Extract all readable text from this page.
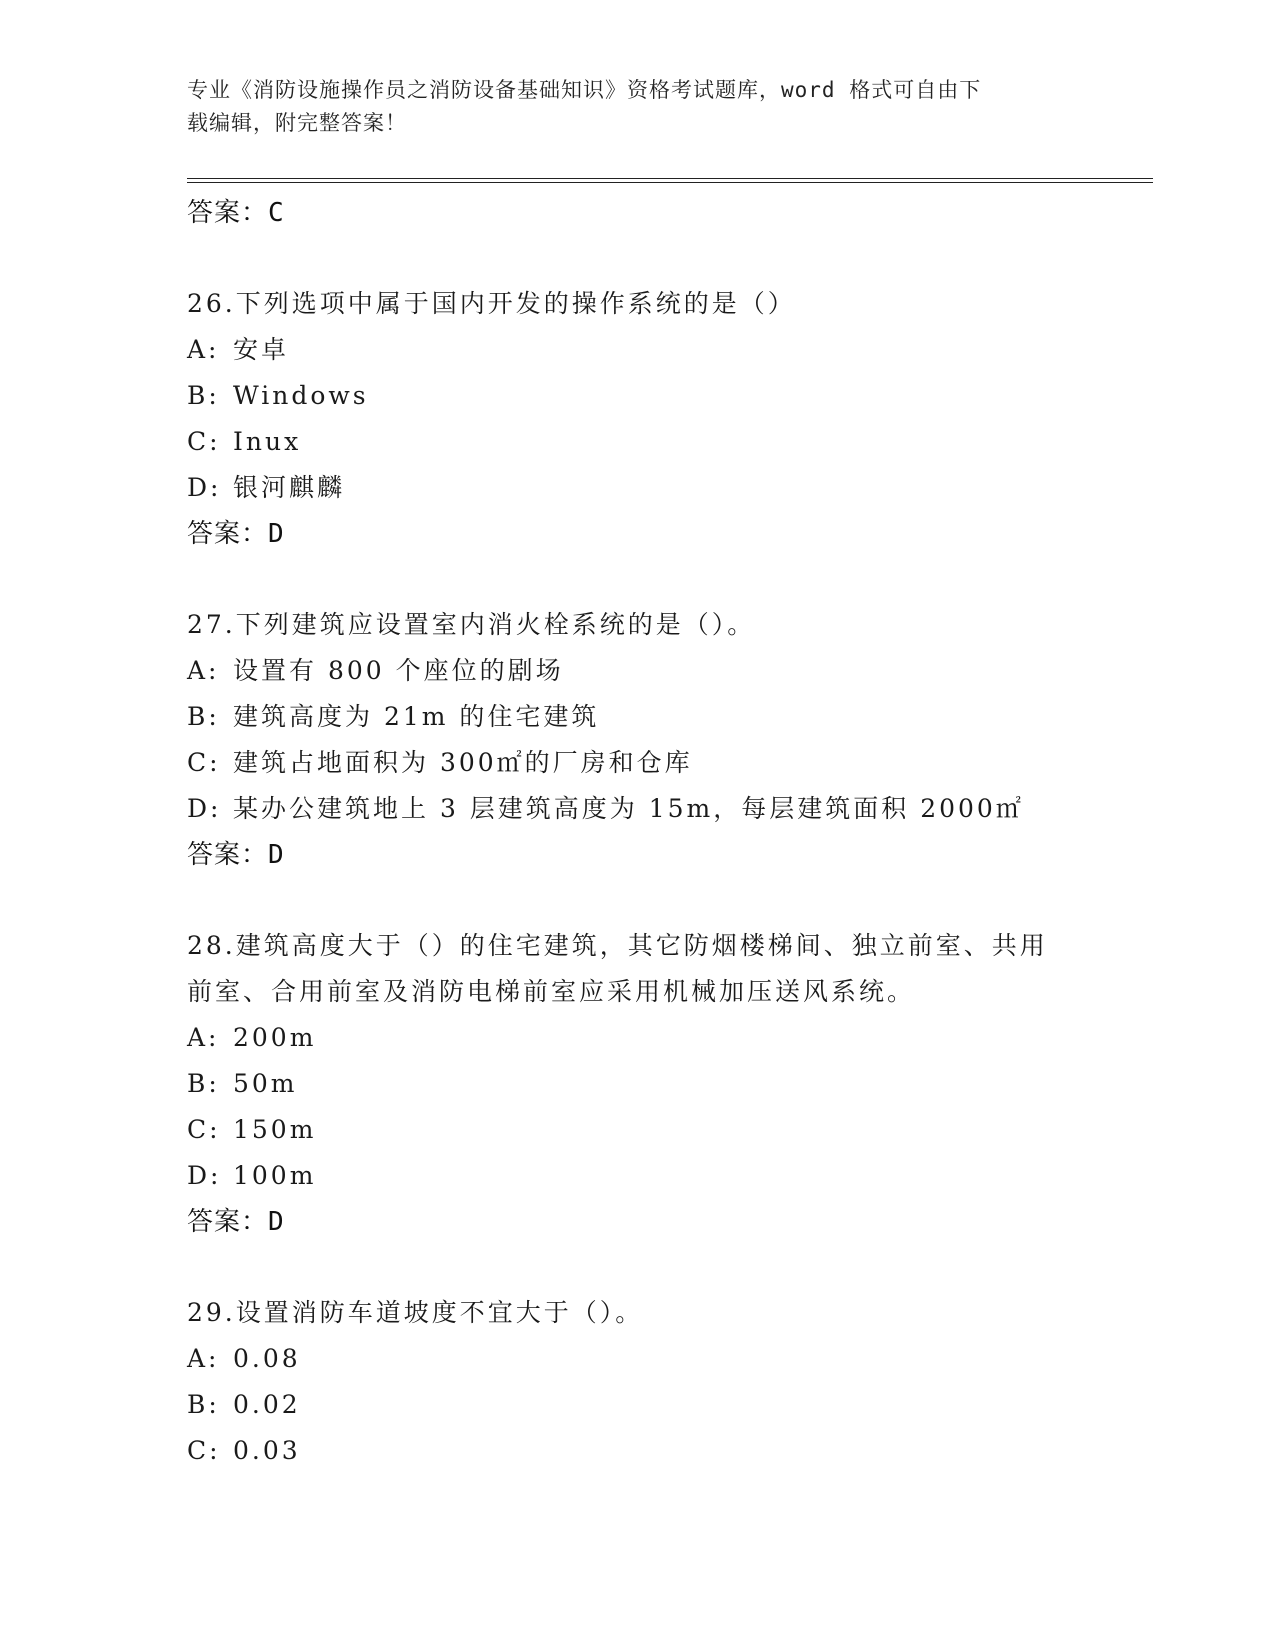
专业《消防设施操作员之消防设备基础知识》资格考试题库，word 格式可自由下
载编辑，附完整答案！
答案：C
26.下列选项中属于国内开发的操作系统的是（）
A: 安卓
B: Windows
C: Inux
D: 银河麒麟
答案：D
27.下列建筑应设置室内消火栓系统的是（）。
A: 设置有 800 个座位的剧场
B: 建筑高度为 21m 的住宅建筑
C: 建筑占地面积为 300㎡的厂房和仓库
D: 某办公建筑地上 3 层建筑高度为 15m，每层建筑面积 2000㎡
答案：D
28.建筑高度大于（）的住宅建筑，其它防烟楼梯间、独立前室、共用
前室、合用前室及消防电梯前室应采用机械加压送风系统。
A: 200m
B: 50m
C: 150m
D: 100m
答案：D
29.设置消防车道坡度不宜大于（）。
A: 0.08
B: 0.02
C: 0.03
